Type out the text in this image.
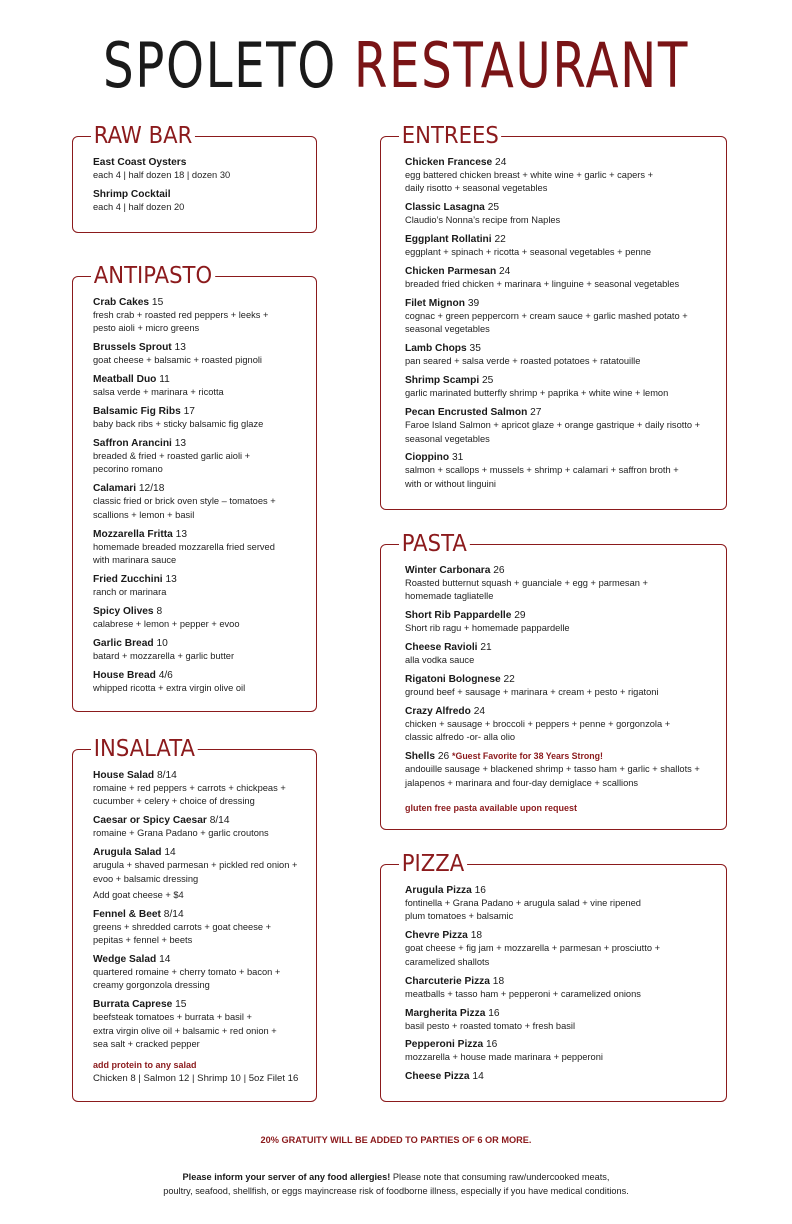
SPOLETO RESTAURANT
RAW BAR
East Coast Oysters
each 4 | half dozen 18 | dozen 30
Shrimp Cocktail
each 4 | half dozen 20
ANTIPASTO
Crab Cakes 15
fresh crab + roasted red peppers + leeks +
pesto aioli + micro greens
Brussels Sprout 13
goat cheese + balsamic + roasted pignoli
Meatball Duo 11
salsa verde + marinara + ricotta
Balsamic Fig Ribs 17
baby back ribs + sticky balsamic fig glaze
Saffron Arancini 13
breaded & fried + roasted garlic aioli +
pecorino romano
Calamari 12/18
classic fried or brick oven style – tomatoes +
scallions + lemon + basil
Mozzarella Fritta 13
homemade breaded mozzarella fried served
with marinara sauce
Fried Zucchini 13
ranch or marinara
Spicy Olives 8
calabrese + lemon + pepper + evoo
Garlic Bread 10
batard + mozzarella + garlic butter
House Bread 4/6
whipped ricotta + extra virgin olive oil
INSALATA
House Salad 8/14
romaine + red peppers + carrots + chickpeas +
cucumber + celery + choice of dressing
Caesar or Spicy Caesar 8/14
romaine + Grana Padano + garlic croutons
Arugula Salad 14
arugula + shaved parmesan + pickled red onion +
evoo + balsamic dressing
Add goat cheese + $4
Fennel & Beet 8/14
greens + shredded carrots + goat cheese +
pepitas + fennel + beets
Wedge Salad 14
quartered romaine + cherry tomato + bacon +
creamy gorgonzola dressing
Burrata Caprese 15
beefsteak tomatoes + burrata + basil +
extra virgin olive oil + balsamic + red onion +
sea salt + cracked pepper
add protein to any salad
Chicken 8 | Salmon 12 | Shrimp 10 | 5oz Filet 16
ENTREES
Chicken Francese 24
egg battered chicken breast + white wine + garlic + capers +
daily risotto + seasonal vegetables
Classic Lasagna 25
Claudio’s Nonna’s recipe from Naples
Eggplant Rollatini 22
eggplant + spinach + ricotta + seasonal vegetables + penne
Chicken Parmesan 24
breaded fried chicken + marinara + linguine + seasonal vegetables
Filet Mignon 39
cognac + green peppercorn + cream sauce + garlic mashed potato +
seasonal vegetables
Lamb Chops 35
pan seared + salsa verde + roasted potatoes + ratatouille
Shrimp Scampi 25
garlic marinated butterfly shrimp + paprika + white wine + lemon
Pecan Encrusted Salmon 27
Faroe Island Salmon + apricot glaze + orange gastrique + daily risotto +
seasonal vegetables
Cioppino 31
salmon + scallops + mussels + shrimp + calamari + saffron broth +
with or without linguini
PASTA
Winter Carbonara 26
Roasted butternut squash + guanciale + egg + parmesan +
homemade tagliatelle
Short Rib Pappardelle 29
Short rib ragu + homemade pappardelle
Cheese Ravioli 21
alla vodka sauce
Rigatoni Bolognese 22
ground beef + sausage + marinara + cream + pesto + rigatoni
Crazy Alfredo 24
chicken + sausage + broccoli + peppers + penne + gorgonzola +
classic alfredo -or- alla olio
Shells 26 *Guest Favorite for 38 Years Strong!
andouille sausage + blackened shrimp + tasso ham + garlic + shallots +
jalapenos + marinara and four-day demiglace + scallions
gluten free pasta available upon request
PIZZA
Arugula Pizza 16
fontinella + Grana Padano + arugula salad + vine ripened
plum tomatoes + balsamic
Chevre Pizza 18
goat cheese + fig jam + mozzarella + parmesan + prosciutto +
caramelized shallots
Charcuterie Pizza 18
meatballs + tasso ham + pepperoni + caramelized onions
Margherita Pizza 16
basil pesto + roasted tomato + fresh basil
Pepperoni Pizza 16
mozzarella + house made marinara + pepperoni
Cheese Pizza 14
20% GRATUITY WILL BE ADDED TO PARTIES OF 6 OR MORE.
Please inform your server of any food allergies! Please note that consuming raw/undercooked meats,
poultry, seafood, shellfish, or eggs mayincrease risk of foodborne illness, especially if you have medical conditions.
